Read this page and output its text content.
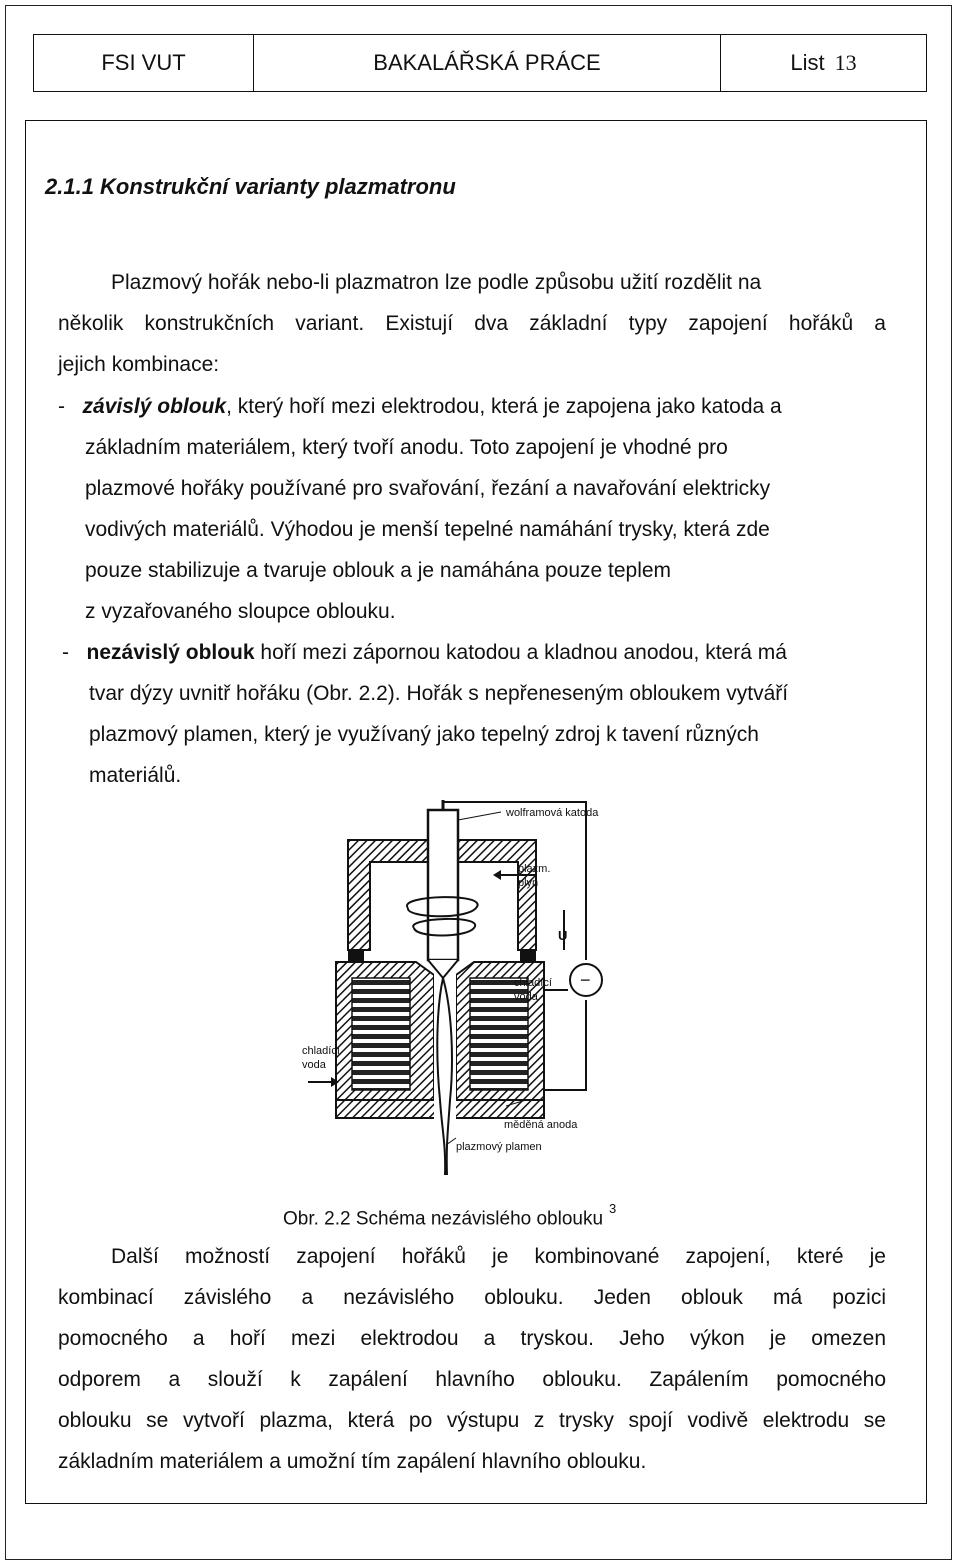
FSI VUT	BAKALÁŘSKÁ PRÁCE	List 13
2.1.1 Konstrukční varianty plazmatronu
Plazmový hořák nebo-li plazmatron lze podle způsobu užití rozdělit na
několik konstrukčních variant. Existují dva základní typy zapojení hořáků a
jejich kombinace:
- závislý oblouk, který hoří mezi elektrodou, která je zapojena jako katoda a
základním materiálem, který tvoří anodu. Toto zapojení je vhodné pro
plazmové hořáky používané pro svařování, řezání a navařování elektricky
vodivých materiálů. Výhodou je menší tepelné namáhání trysky, která zde
pouze stabilizuje a tvaruje oblouk a je namáhána pouze teplem
z vyzařovaného sloupce oblouku.
- nezávislý oblouk hoří mezi zápornou katodou a kladnou anodou, která má
tvar dýzy uvnitř hořáku (Obr. 2.2). Hořák s nepřeneseným obloukem vytváří
plazmový plamen, který je využívaný jako tepelný zdroj k tavení různých
materiálů.
−
U
wolframová katoda
plazm.
plyn
chladící
voda
chladící
voda
měděná anoda
plazmový plamen
Obr. 2.2 Schéma nezávislého oblouku $^3$
Další možností zapojení hořáků je kombinované zapojení, které je
kombinací závislého a nezávislého oblouku. Jeden oblouk má pozici
pomocného a hoří mezi elektrodou a tryskou. Jeho výkon je omezen
odporem a slouží k zapálení hlavního oblouku. Zapálením pomocného
oblouku se vytvoří plazma, která po výstupu z trysky spojí vodivě elektrodu se
základním materiálem a umožní tím zapálení hlavního oblouku.
